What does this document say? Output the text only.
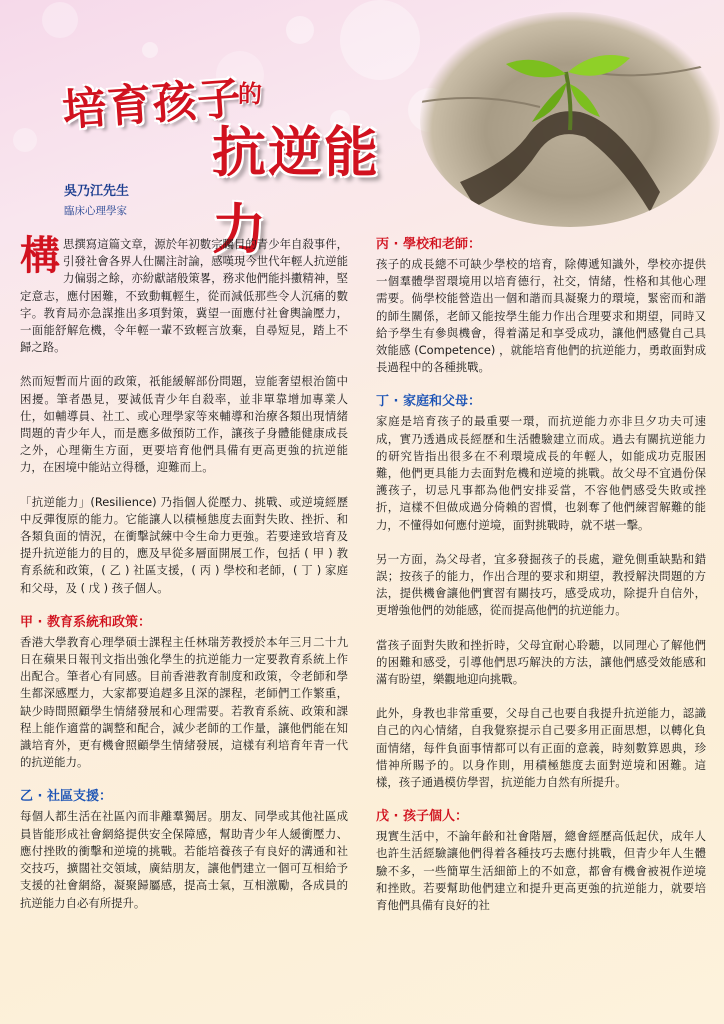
培育孩子
的
抗逆能力
吳乃江先生
臨床心理學家

構思撰寫這篇文章，源於年初數宗矚目的青少年自殺事件，引發社會各界人仕關注討論，感嘆現今世代年輕人抗逆能力偏弱之餘，亦紛獻諸般策畧，務求他們能抖擻精神，堅定意志，應付困難，不致動輒輕生，從而減低那些令人沉痛的數字。教育局亦急謀推出多項對策，冀望一面應付社會輿論壓力，一面能舒解危機，令年輕一輩不致輕言放棄，自尋短見，踏上不歸之路。

然而短暫而片面的政策，祇能緩解部份問題，豈能奢望根治箇中困擾。筆者愚見，要減低青少年自殺率，並非單靠增加專業人仕，如輔導員、社工、或心理學家等來輔導和治療各類出現情緒問題的青少年人，而是應多做預防工作，讓孩子身體能健康成長之外，心理衛生方面，更要培育他們具備有更高更強的抗逆能力，在困境中能站立得穩，迎難而上。

「抗逆能力」(Resilience) 乃指個人從壓力、挑戰、或逆境經歷中反彈復原的能力。它能讓人以積極態度去面對失敗、挫折、和各類負面的情況，在衝擊試練中令生命力更強。若要達致培育及提升抗逆能力的目的，應及早從多層面開展工作，包括 ( 甲 ) 教育系統和政策，( 乙 ) 社區支援，( 丙 ) 學校和老師，( 丁 ) 家庭和父母，及 ( 戊 ) 孩子個人。

甲 · 教育系統和政策：

香港大學教育心理學碩士課程主任林瑞芳教授於本年三月二十九日在蘋果日報刊文指出強化學生的抗逆能力一定要教育系統上作出配合。筆者心有同感。目前香港教育制度和政策，令老師和學生都深感壓力，大家都要追趕多且深的課程，老師們工作繁重，缺少時間照顧學生情緒發展和心理需要。若教育系統、政策和課程上能作適當的調整和配合，減少老師的工作量，讓他們能在知識培育外，更有機會照顧學生情緒發展，這樣有利培育年青一代的抗逆能力。

乙 · 社區支援：

每個人都生活在社區內而非離羣獨居。朋友、同學或其他社區成員皆能形成社會網絡提供安全保障感，幫助青少年人緩衝壓力、應付挫敗的衝擊和逆境的挑戰。若能培養孩子有良好的溝通和社交技巧，擴闊社交領域，廣結朋友，讓他們建立一個可互相給予支援的社會網絡，凝聚歸屬感，提高士氣，互相激勵，各成員的抗逆能力自必有所提升。

丙 · 學校和老師：

孩子的成長總不可缺少學校的培育，除傳遞知識外，學校亦提供一個羣體學習環境用以培育德行，社交，情緒，性格和其他心理需要。倘學校能營造出一個和諧而具凝聚力的環境，緊密而和諧的師生關係，老師又能按學生能力作出合理要求和期望，同時又給予學生有參與機會，得着滿足和享受成功，讓他們感覺自己具效能感 (Competence) ，就能培育他們的抗逆能力，勇敢面對成長過程中的各種挑戰。

丁 · 家庭和父母：

家庭是培育孩子的最重要一環，而抗逆能力亦非旦夕功夫可速成，實乃透過成長經歷和生活體驗建立而成。過去有關抗逆能力的研究皆指出很多在不利環境成長的年輕人，如能成功克服困難，他們更具能力去面對危機和逆境的挑戰。故父母不宜過份保護孩子，切忌凡事都為他們安排妥當，不容他們感受失敗或挫折，這樣不但做成過分倚賴的習慣，也剝奪了他們練習解難的能力，不懂得如何應付逆境，面對挑戰時，就不堪一擊。

另一方面，為父母者，宜多發掘孩子的長處，避免側重缺點和錯誤；按孩子的能力，作出合理的要求和期望，教授解決問題的方法，提供機會讓他們實習有關技巧，感受成功，除提升自信外，更增強他們的効能感，從而提高他們的抗逆能力。

當孩子面對失敗和挫折時，父母宜耐心聆聽，以同理心了解他們的困難和感受，引導他們思巧解決的方法，讓他們感受效能感和滿有盼望，樂觀地迎向挑戰。

此外，身教也非常重要，父母自己也要自我提升抗逆能力，認識自己的內心情緒，自我覺察提示自己要多用正面思想，以轉化負面情緒，每件負面事情都可以有正面的意義，時刻數算恩典，珍惜神所賜予的。以身作則，用積極態度去面對逆境和困難。這樣，孩子通過模仿學習，抗逆能力自然有所提升。

戊 · 孩子個人：

現實生活中，不論年齡和社會階層，總會經歷高低起伏，成年人也許生活經驗讓他們得着各種技巧去應付挑戰，但青少年人生體驗不多，一些簡單生活細節上的不如意，都會有機會被視作逆境和挫敗。若要幫助他們建立和提升更高更強的抗逆能力，就要培育他們具備有良好的社
